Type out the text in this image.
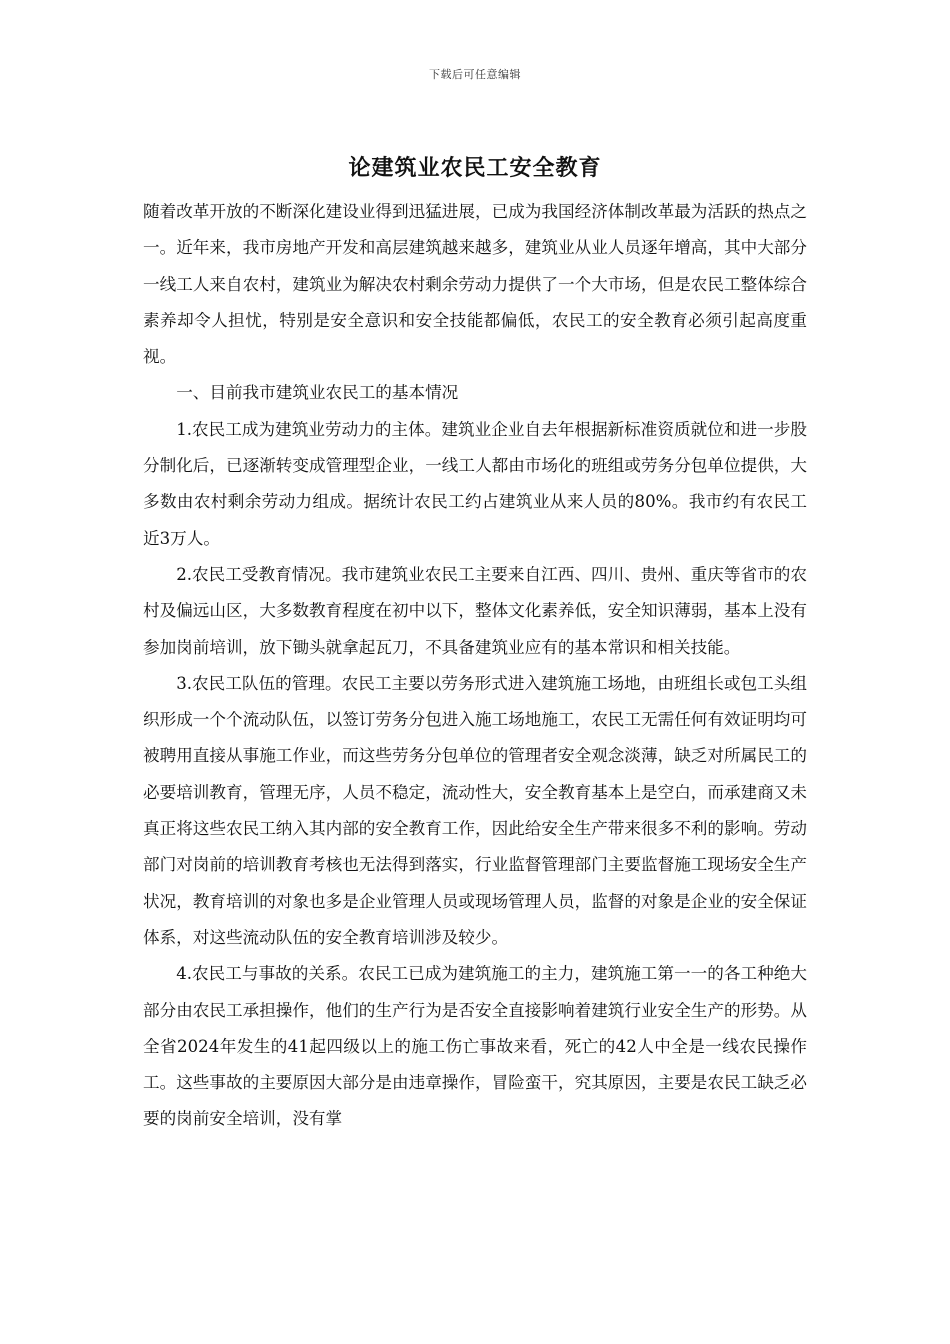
下载后可任意编辑
论建筑业农民工安全教育

随着改革开放的不断深化建设业得到迅猛进展，已成为我国经济体制改革最为活跃的热点之一。近年来，我市房地产开发和高层建筑越来越多，建筑业从业人员逐年增高，其中大部分一线工人来自农村，建筑业为解决农村剩余劳动力提供了一个大市场，但是农民工整体综合素养却令人担忧，特别是安全意识和安全技能都偏低，农民工的安全教育必须引起高度重视。

一、目前我市建筑业农民工的基本情况

1.农民工成为建筑业劳动力的主体。建筑业企业自去年根据新标准资质就位和进一步股分制化后，已逐渐转变成管理型企业，一线工人都由市场化的班组或劳务分包单位提供，大多数由农村剩余劳动力组成。据统计农民工约占建筑业从来人员的80%。我市约有农民工近3万人。

2.农民工受教育情况。我市建筑业农民工主要来自江西、四川、贵州、重庆等省市的农村及偏远山区，大多数教育程度在初中以下，整体文化素养低，安全知识薄弱，基本上没有参加岗前培训，放下锄头就拿起瓦刀，不具备建筑业应有的基本常识和相关技能。

3.农民工队伍的管理。农民工主要以劳务形式进入建筑施工场地，由班组长或包工头组织形成一个个流动队伍，以签订劳务分包进入施工场地施工，农民工无需任何有效证明均可被聘用直接从事施工作业，而这些劳务分包单位的管理者安全观念淡薄，缺乏对所属民工的必要培训教育，管理无序，人员不稳定，流动性大，安全教育基本上是空白，而承建商又未真正将这些农民工纳入其内部的安全教育工作，因此给安全生产带来很多不利的影响。劳动部门对岗前的培训教育考核也无法得到落实，行业监督管理部门主要监督施工现场安全生产状况，教育培训的对象也多是企业管理人员或现场管理人员，监督的对象是企业的安全保证体系，对这些流动队伍的安全教育培训涉及较少。

4.农民工与事故的关系。农民工已成为建筑施工的主力，建筑施工第一一的各工种绝大部分由农民工承担操作，他们的生产行为是否安全直接影响着建筑行业安全生产的形势。从全省2024年发生的41起四级以上的施工伤亡事故来看，死亡的42人中全是一线农民操作工。这些事故的主要原因大部分是由违章操作，冒险蛮干，究其原因，主要是农民工缺乏必要的岗前安全培训，没有掌
